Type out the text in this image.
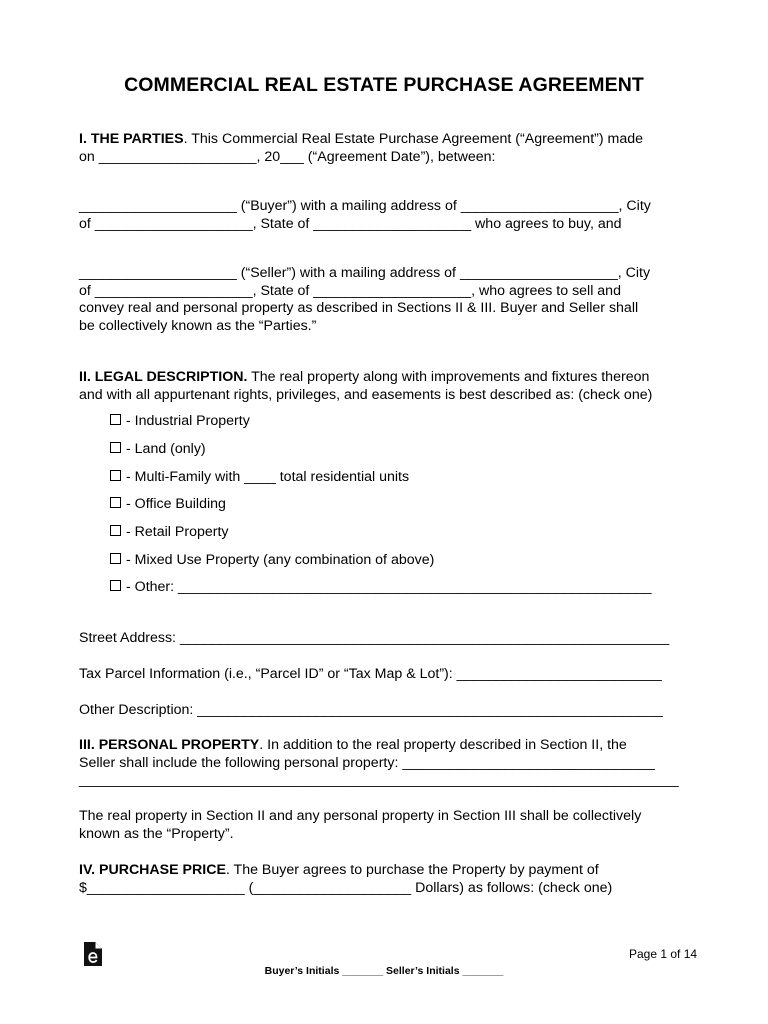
COMMERCIAL REAL ESTATE PURCHASE AGREEMENT
I. THE PARTIES. This Commercial Real Estate Purchase Agreement (“Agreement”) made
on ____________________, 20___ (“Agreement Date”), between:
____________________ (“Buyer”) with a mailing address of ____________________, City
of ____________________, State of ____________________ who agrees to buy, and
____________________ (“Seller”) with a mailing address of ____________________, City
of ____________________, State of ____________________, who agrees to sell and
convey real and personal property as described in Sections II & III. Buyer and Seller shall
be collectively known as the “Parties.”
II. LEGAL DESCRIPTION. The real property along with improvements and fixtures thereon
and with all appurtenant rights, privileges, and easements is best described as: (check one)
- Industrial Property
- Land (only)
- Multi-Family with ____ total residential units
- Office Building
- Retail Property
- Mixed Use Property (any combination of above)
- Other: ____________________________________________________________
Street Address: ______________________________________________________________
Tax Parcel Information (i.e., “Parcel ID” or “Tax Map & Lot”): __________________________
Other Description: ___________________________________________________________
III. PERSONAL PROPERTY. In addition to the real property described in Section II, the
Seller shall include the following personal property: ________________________________
____________________________________________________________________________
The real property in Section II and any personal property in Section III shall be collectively
known as the “Property”.
IV. PURCHASE PRICE. The Buyer agrees to purchase the Property by payment of
$____________________ (____________________ Dollars) as follows: (check one)
Page 1 of 14
Buyer’s Initials _______ Seller’s Initials _______
